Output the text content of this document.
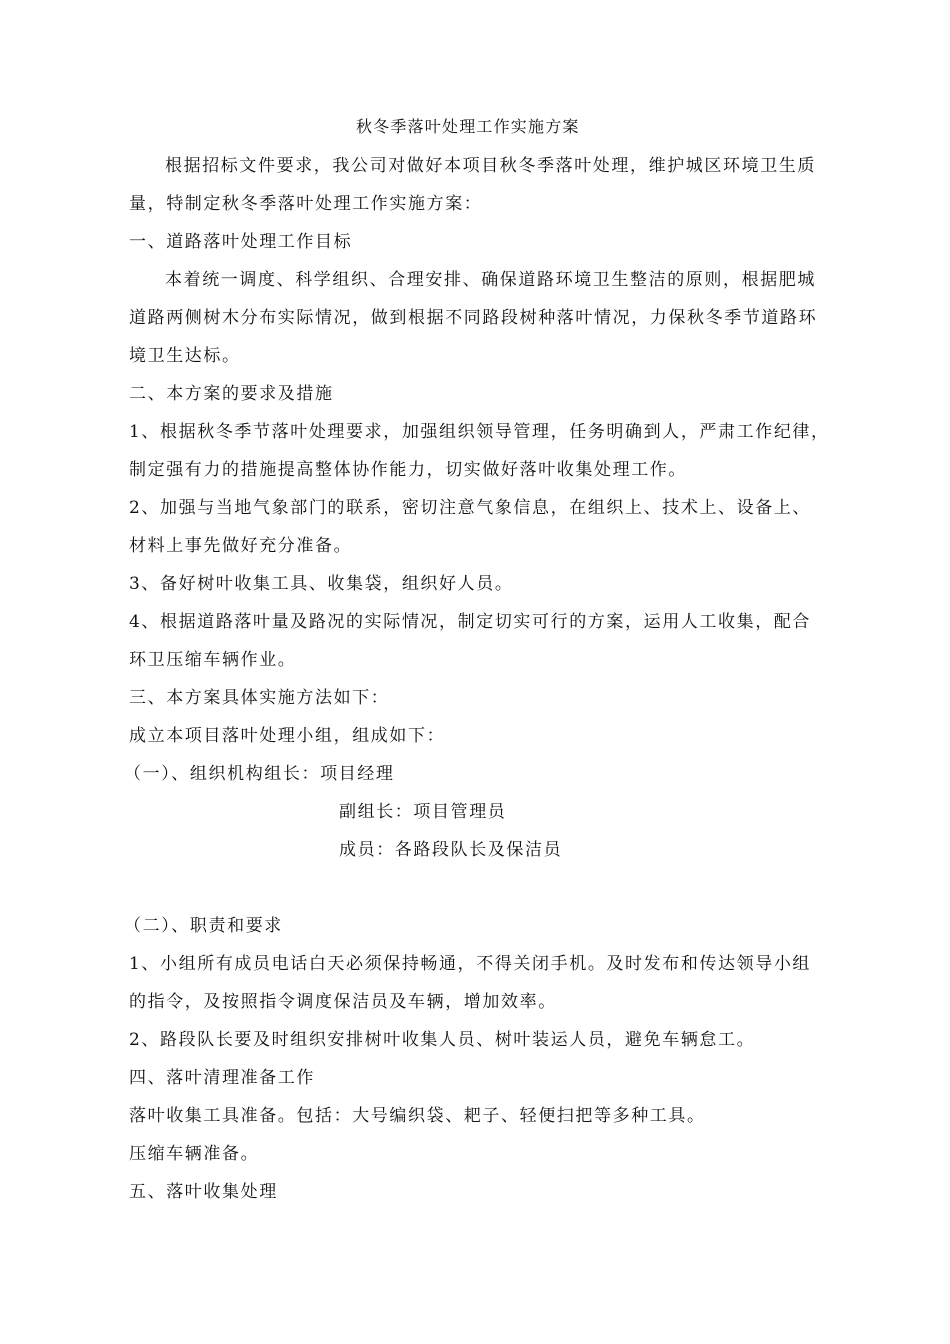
秋冬季落叶处理工作实施方案
根据招标文件要求，我公司对做好本项目秋冬季落叶处理，维护城区环境卫生质
量，特制定秋冬季落叶处理工作实施方案：
一、道路落叶处理工作目标
本着统一调度、科学组织、合理安排、确保道路环境卫生整洁的原则，根据肥城
道路两侧树木分布实际情况，做到根据不同路段树种落叶情况，力保秋冬季节道路环
境卫生达标。
二、本方案的要求及措施
1、根据秋冬季节落叶处理要求，加强组织领导管理，任务明确到人，严肃工作纪律，
制定强有力的措施提高整体协作能力，切实做好落叶收集处理工作。
2、加强与当地气象部门的联系，密切注意气象信息，在组织上、技术上、设备上、
材料上事先做好充分准备。
3、备好树叶收集工具、收集袋，组织好人员。
4、根据道路落叶量及路况的实际情况，制定切实可行的方案，运用人工收集，配合
环卫压缩车辆作业。
三、本方案具体实施方法如下：
成立本项目落叶处理小组，组成如下：
（一）、组织机构组长：项目经理
副组长：项目管理员
成员：各路段队长及保洁员
（二）、职责和要求
1、小组所有成员电话白天必须保持畅通，不得关闭手机。及时发布和传达领导小组
的指令，及按照指令调度保洁员及车辆，增加效率。
2、路段队长要及时组织安排树叶收集人员、树叶装运人员，避免车辆怠工。
四、落叶清理准备工作
落叶收集工具准备。包括：大号编织袋、耙子、轻便扫把等多种工具。
压缩车辆准备。
五、落叶收集处理
